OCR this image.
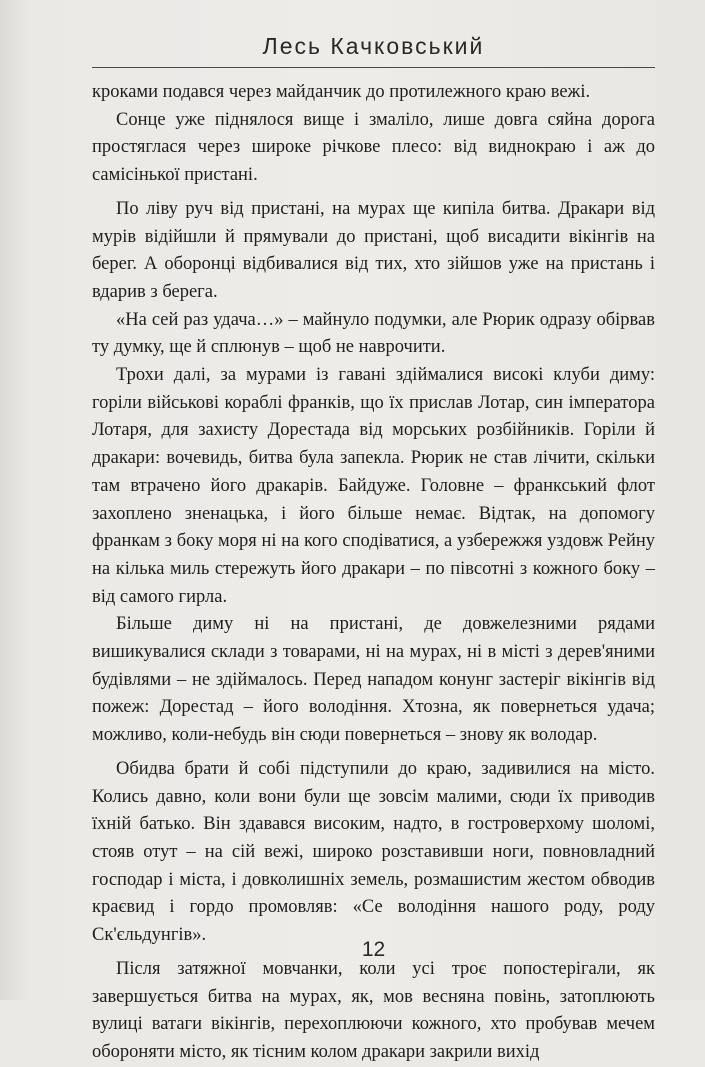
Лесь Качковський

кроками подався через майданчик до протилежного краю вежі.

Сонце уже піднялося вище і змаліло, лише довга сяйна дорога простяглася через широке річкове плесо: від виднокраю і аж до самісінької пристані.

По ліву руч від пристані, на мурах ще кипіла битва. Дракари від мурів відійшли й прямували до пристані, щоб висадити вікінгів на берег. А оборонці відбивалися від тих, хто зійшов уже на пристань і вдарив з берега.

«На сей раз удача…» – майнуло подумки, але Рюрик одразу обірвав ту думку, ще й сплюнув – щоб не наврочити.

Трохи далі, за мурами із гавані здіймалися високі клуби диму: горіли військові кораблі франків, що їх прислав Лотар, син імператора Лотаря, для захисту Дорестада від морських розбійників. Горіли й дракари: вочевидь, битва була запекла. Рюрик не став лічити, скільки там втрачено його дракарів. Байдуже. Головне – франкський флот захоплено зненацька, і його більше немає. Відтак, на допомогу франкам з боку моря ні на кого сподіватися, а узбережжя уздовж Рейну на кілька миль стережуть його дракари – по півсотні з кожного боку – від самого гирла.

Більше диму ні на пристані, де довжелезними рядами вишикувалися склади з товарами, ні на мурах, ні в місті з дерев'яними будівлями – не здіймалось. Перед нападом конунг застеріг вікінгів від пожеж: Дорестад – його володіння. Хтозна, як повернеться удача; можливо, коли-небудь він сюди повернеться – знову як володар.

Обидва брати й собі підступили до краю, задивилися на місто. Колись давно, коли вони були ще зовсім малими, сюди їх приводив їхній батько. Він здавався високим, надто, в гостроверхому шоломі, стояв отут – на сій вежі, широко розставивши ноги, повновладний господар і міста, і довколишніх земель, розмашистим жестом обводив краєвид і гордо промовляв: «Се володіння нашого роду, роду Ск'єльдунгів».

Після затяжної мовчанки, коли усі троє попостерігали, як завершується битва на мурах, як, мов весняна повінь, затоплюють вулиці ватаги вікінгів, перехоплюючи кожного, хто пробував мечем обороняти місто, як тісним колом дракари закрили вихід

12
